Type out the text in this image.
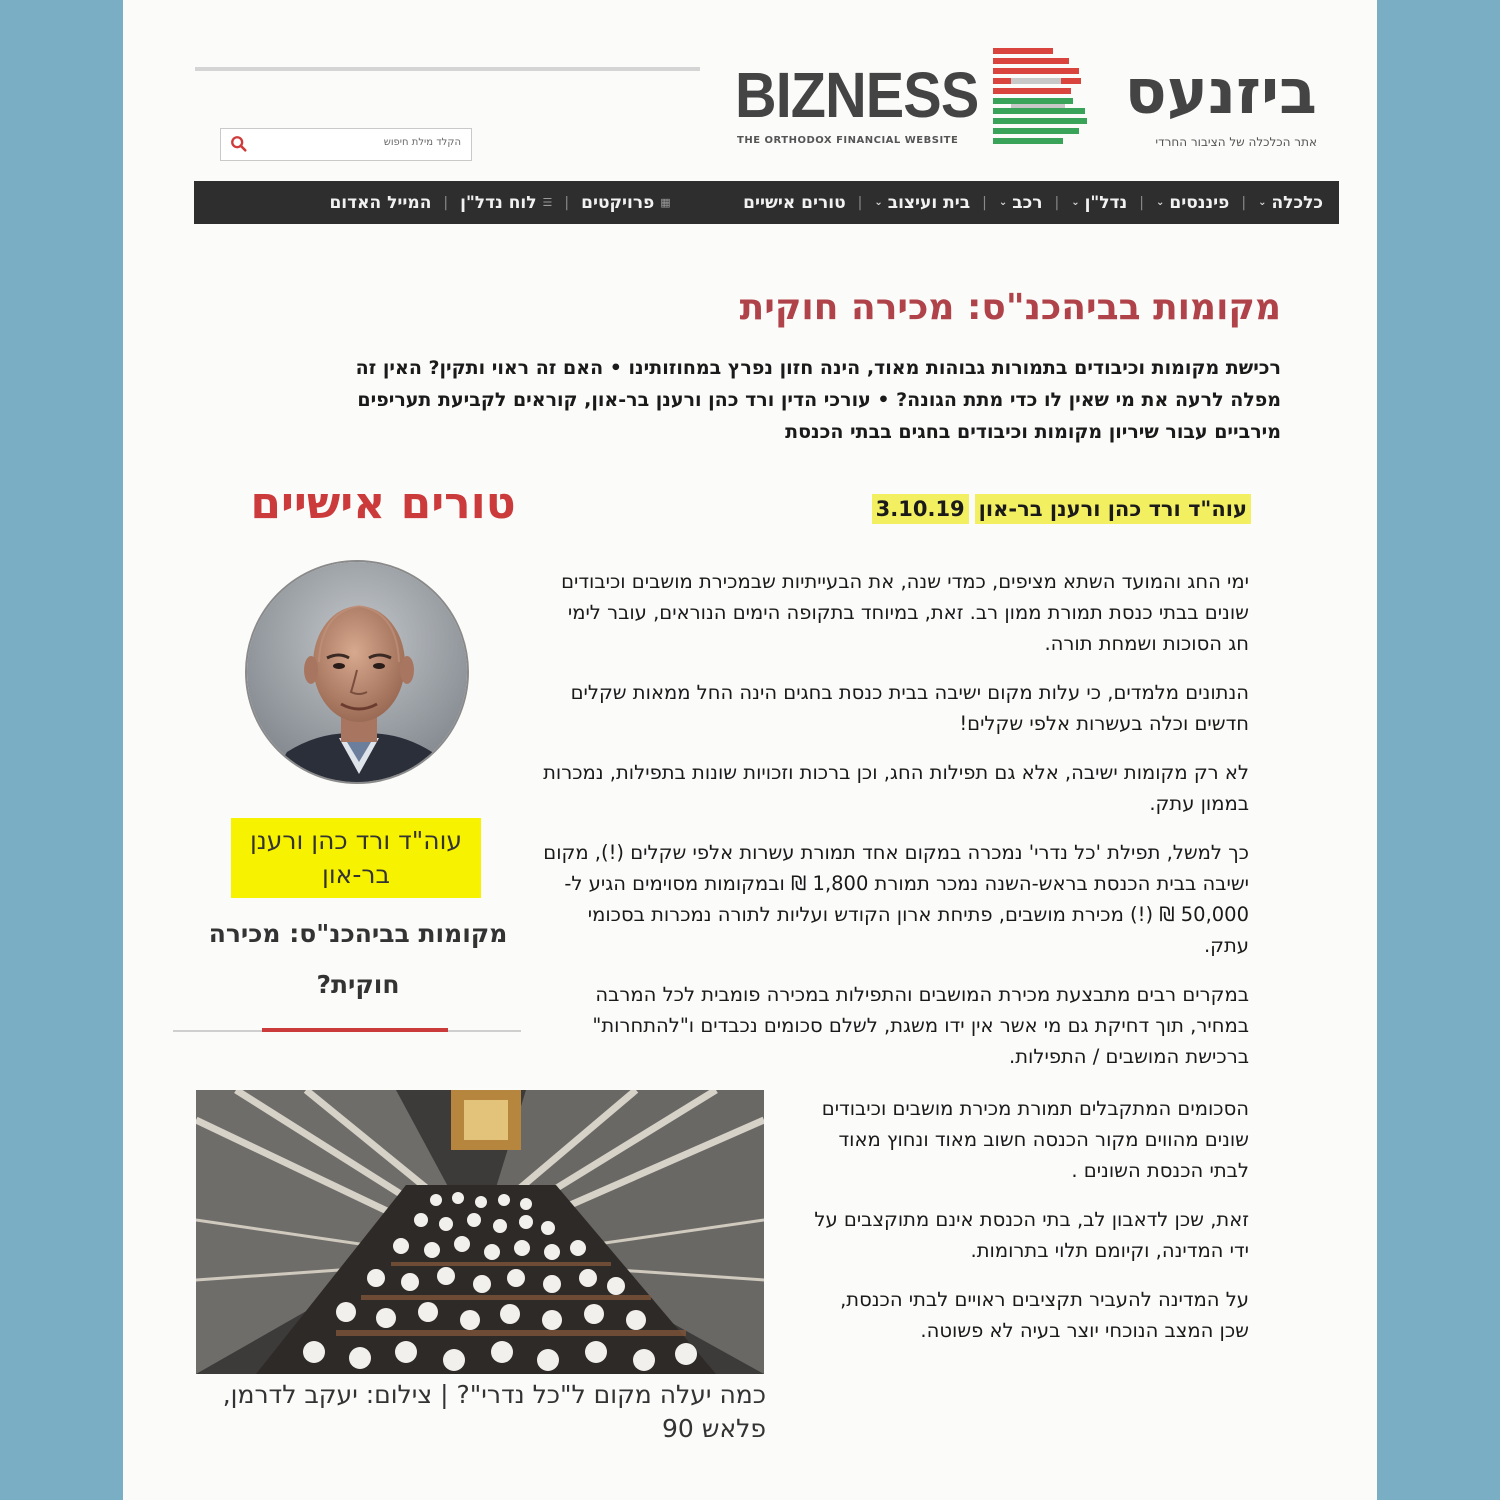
הקלד מילת חיפוש
BIZNESS
THE ORTHODOX FINANCIAL WEBSITE
ביזנעס
אתר הכלכלה של הציבור החרדי
כלכלה
⌄
|
פיננסים
⌄
|
נדל"ן
⌄
|
רכב
⌄
|
בית ועיצוב
⌄
|
טורים אישיים

▦
פרויקטים
|
☰
לוח נדל"ן
|
המייל האדום
מקומות בביהכנ"ס: מכירה חוקית

רכישת מקומות וכיבודים בתמורות גבוהות מאוד, הינה חזון נפרץ במחוזותינו • האם זה ראוי ותקין? האין זה מפלה לרעה את מי שאין לו כדי מתת הגונה? • עורכי הדין ורד כהן ורענן בר-און, קוראים לקביעת תעריפים מירביים עבור שיריון מקומות וכיבודים בחגים בבתי הכנסת

עוה"ד ורד כהן ורענן בר-און3.10.19

ימי החג והמועד השתא מציפים, כמדי שנה, את הבעייתיות שבמכירת מושבים וכיבודים שונים בבתי כנסת תמורת ממון רב. זאת, במיוחד בתקופה הימים הנוראים, עובר לימי חג הסוכות ושמחת תורה.

הנתונים מלמדים, כי עלות מקום ישיבה בבית כנסת בחגים הינה החל ממאות שקלים חדשים וכלה בעשרות אלפי שקלים!

לא רק מקומות ישיבה, אלא גם תפילות החג, וכן ברכות וזכויות שונות בתפילות, נמכרות בממון עתק.

כך למשל, תפילת 'כל נדרי' נמכרה במקום אחד תמורת עשרות אלפי שקלים (!), מקום ישיבה בבית הכנסת בראש-השנה נמכר תמורת 1,800 ₪ ובמקומות מסוימים הגיע ל- 50,000 ₪ (!) מכירת מושבים, פתיחת ארון הקודש ועליות לתורה נמכרות בסכומי עתק.

במקרים רבים מתבצעת מכירת המושבים והתפילות במכירה פומבית לכל המרבה במחיר, תוך דחיקת גם מי אשר אין ידו משגת, לשלם סכומים נכבדים ו"להתחרות" ברכישת המושבים / התפילות.

הסכומים המתקבלים תמורת מכירת מושבים וכיבודים שונים מהווים מקור הכנסה חשוב מאוד ונחוץ מאוד לבתי הכנסת השונים .

זאת, שכן לדאבון לב, בתי הכנסת אינם מתוקצבים על ידי המדינה, וקיומם תלוי בתרומות.

על המדינה להעביר תקציבים ראויים לבתי הכנסת, שכן המצב הנוכחי יוצר בעיה לא פשוטה.

טורים אישיים
עוה"ד ורד כהן ורענן בר-און
מקומות בביהכנ"ס: מכירה חוקית?
כמה יעלה מקום ל"כל נדרי"? | צילום: יעקב לדרמן, פלאש 90
